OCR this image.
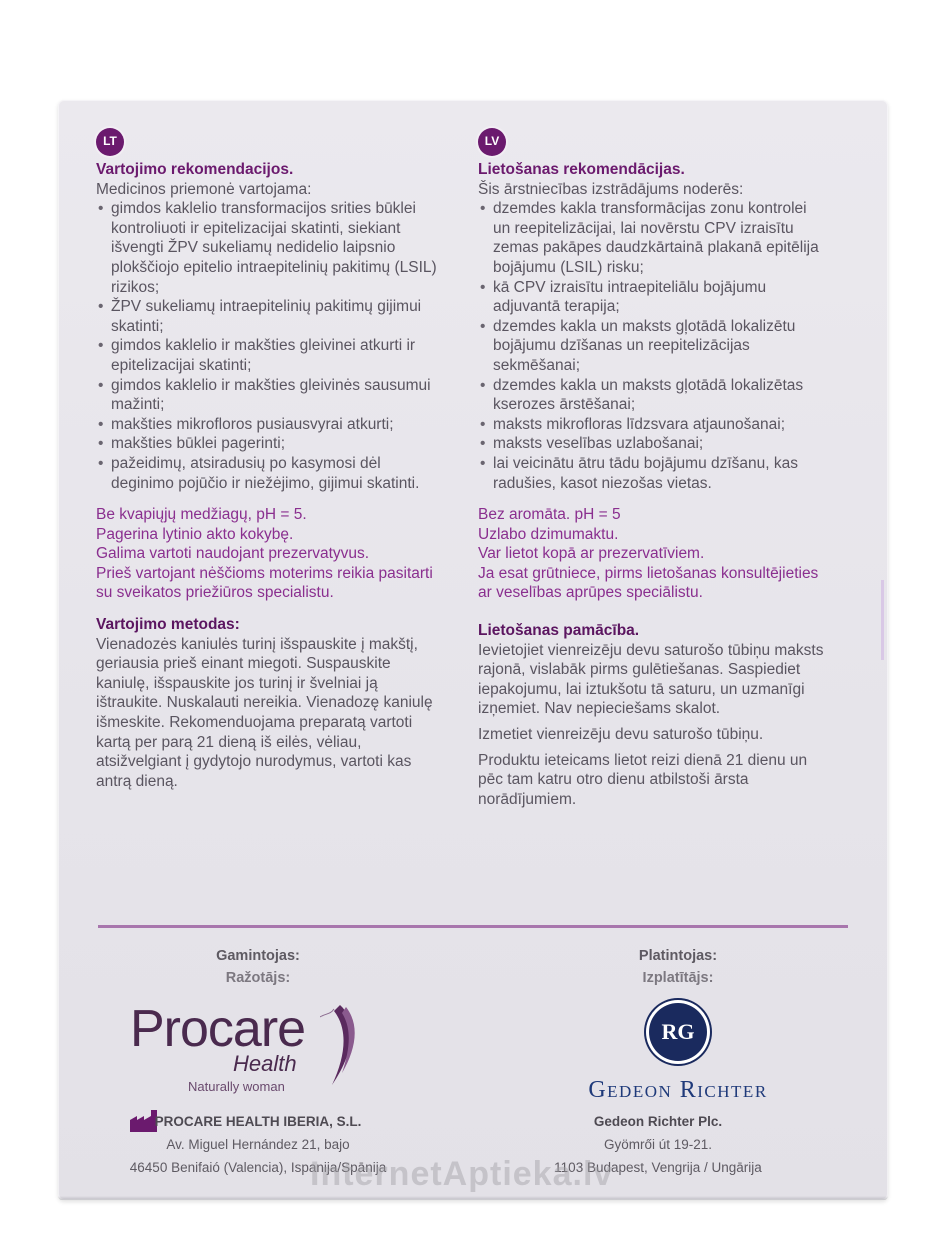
LT
Vartojimo rekomendacijos.
Medicinos priemonė vartojama:
• gimdos kaklelio transformacijos srities būklei kontroliuoti ir epitelizacijai skatinti, siekiant išvengti ŽPV sukeliamų nedidelio laipsnio plokščiojo epitelio intraepitelinių pakitimų (LSIL) rizikos;
• ŽPV sukeliamų intraepitelinių pakitimų gijimui skatinti;
• gimdos kaklelio ir makšties gleivinei atkurti ir epitelizacijai skatinti;
• gimdos kaklelio ir makšties gleivinės sausumui mažinti;
• makšties mikrofloros pusiausvyrai atkurti;
• makšties būklei pagerinti;
• pažeidimų, atsiradusių po kasymosi dėl deginimo pojūčio ir niežėjimo, gijimui skatinti.
Be kvapiųjų medžiagų, pH = 5.
Pagerina lytinio akto kokybę.
Galima vartoti naudojant prezervatyvus.
Prieš vartojant nėščioms moterims reikia pasitarti su sveikatos priežiūros specialistu.
Vartojimo metodas:
Vienadozės kaniulės turinį išspauskite į makštį, geriausia prieš einant miegoti. Suspauskite kaniulę, išspauskite jos turinį ir švelniai ją ištraukite. Nuskalauti nereikia. Vienadozę kaniulę išmeskite. Rekomenduojama preparatą vartoti kartą per parą 21 dieną iš eilės, vėliau, atsižvelgiant į gydytojo nurodymus, vartoti kas antrą dieną.
LV
Lietošanas rekomendācijas.
Šis ārstniecības izstrādājums noderēs:
• dzemdes kakla transformācijas zonu kontrolei un reepitelizācijai, lai novērstu CPV izraisītu zemas pakāpes daudzkārtainā plakanā epitēlija bojājumu (LSIL) risku;
• kā CPV izraisītu intraepiteliālu bojājumu adjuvantā terapija;
• dzemdes kakla un maksts gļotādā lokalizētu bojājumu dzīšanas un reepitelizācijas sekmēšanai;
• dzemdes kakla un maksts gļotādā lokalizētas kserozes ārstēšanai;
• maksts mikrofloras līdzsvara atjaunošanai;
• maksts veselības uzlabošanai;
• lai veicinātu ātru tādu bojājumu dzīšanu, kas radušies, kasot niezošas vietas.
Bez aromāta. pH = 5
Uzlabo dzimumaktu.
Var lietot kopā ar prezervatīviem.
Ja esat grūtniece, pirms lietošanas konsultējieties ar veselības aprūpes speciālistu.
Lietošanas pamācība.
Ievietojiet vienreizēju devu saturošo tūbiņu maksts rajonā, vislabāk pirms gulētiešanas. Saspiediet iepakojumu, lai iztukšotu tā saturu, un uzmanīgi izņemiet. Nav nepieciešams skalot.
Izmetiet vienreizēju devu saturošo tūbiņu.
Produktu ieteicams lietot reizi dienā 21 dienu un pēc tam katru otro dienu atbilstoši ārsta norādījumiem.
Gamintojas:
Ražotājs:
Procare
Health
Naturally woman
Platintojas:
Izplatītājs:
RG
Gedeon Richter
PROCARE HEALTH IBERIA, S.L.
Av. Miguel Hernández 21, bajo
46450 Benifaió (Valencia), Ispanija/Spānija
Gedeon Richter Plc.
Gyömrői út 19-21.
1103 Budapest, Vengrija / Ungārija
InternetAptieka.lv
